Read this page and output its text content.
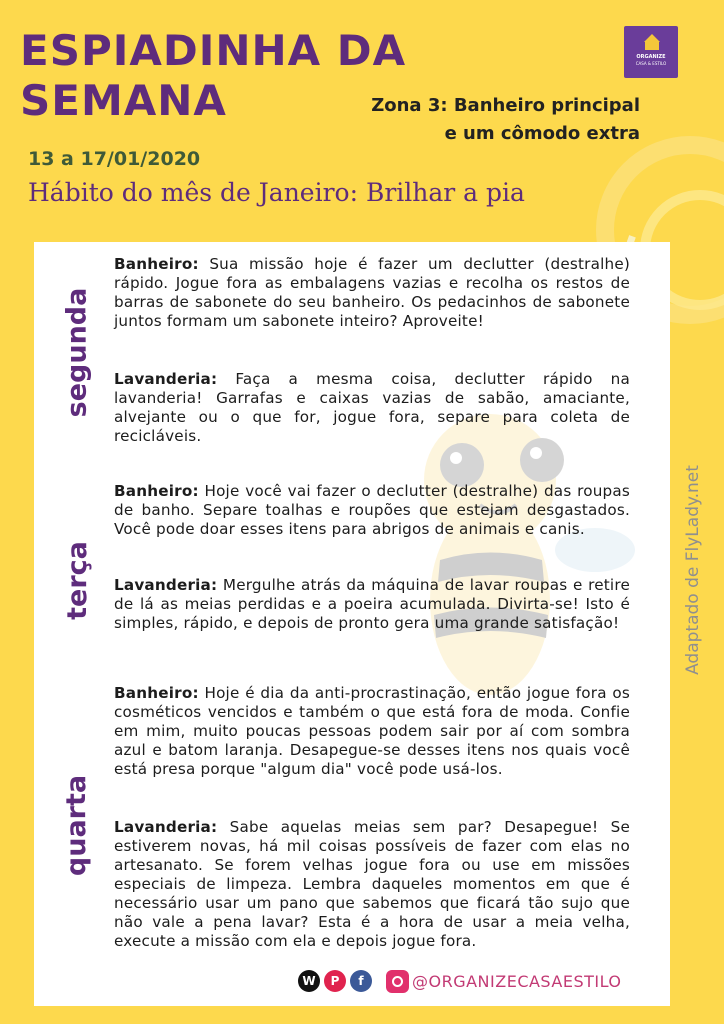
ESPIADINHA DA
SEMANA
ORGANIZE
CASA & ESTILO
Zona 3: Banheiro principal
e um cômodo extra
13 a 17/01/2020
Hábito do mês de Janeiro: Brilhar a pia
segunda

Banheiro: Sua missão hoje é fazer um declutter (destralhe) rápido. Jogue fora as embalagens vazias e recolha os restos de barras de sabonete do seu banheiro. Os pedacinhos de sabonete juntos formam um sabonete inteiro? Aproveite!

Lavanderia: Faça a mesma coisa, declutter rápido na lavanderia! Garrafas e caixas vazias de sabão, amaciante, alvejante ou o que for, jogue fora, separe para coleta de recicláveis.

terça

Banheiro: Hoje você vai fazer o declutter (destralhe) das roupas de banho. Separe toalhas e roupões que estejam desgastados. Você pode doar esses itens para abrigos de animais e canis.

Lavanderia: Mergulhe atrás da máquina de lavar roupas e retire de lá as meias perdidas e a poeira acumulada. Divirta-se! Isto é simples, rápido, e depois de pronto gera uma grande satisfação!

quarta

Banheiro: Hoje é dia da anti-procrastinação, então jogue fora os cosméticos vencidos e também o que está fora de moda. Confie em mim, muito poucas pessoas podem sair por aí com sombra azul e batom laranja. Desapegue-se desses itens nos quais você está presa porque "algum dia" você pode usá-los.

Lavanderia: Sabe aquelas meias sem par? Desapegue! Se estiverem novas, há mil coisas possíveis de fazer com elas no artesanato. Se forem velhas jogue fora ou use em missões especiais de limpeza. Lembra daqueles momentos em que é necessário usar um pano que sabemos que ficará tão sujo que não vale a pena lavar? Esta é a hora de usar a meia velha, execute a missão com ela e depois jogue fora.

Adaptado de FlyLady.net
W	P	f	@ORGANIZECASAESTILO
